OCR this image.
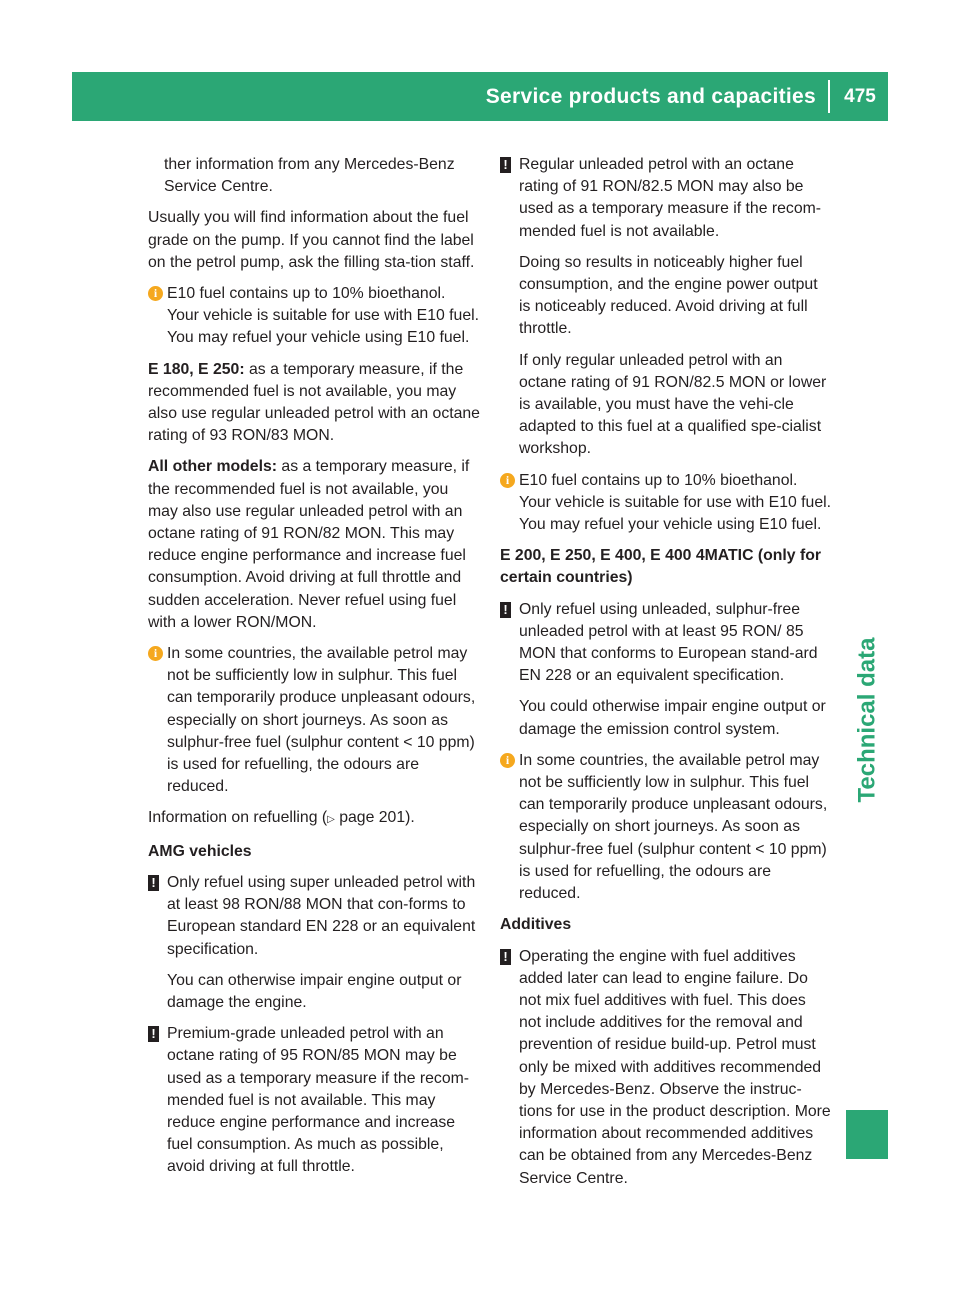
Service products and capacities	475
Technical data

ther information from any Mercedes-Benz Service Centre.

Usually you will find information about the fuel grade on the pump. If you cannot find the label on the petrol pump, ask the filling sta-tion staff.

i E10 fuel contains up to 10% bioethanol. Your vehicle is suitable for use with E10 fuel. You may refuel your vehicle using E10 fuel.

E 180, E 250: as a temporary measure, if the recommended fuel is not available, you may also use regular unleaded petrol with an octane rating of 93 RON/83 MON.

All other models: as a temporary measure, if the recommended fuel is not available, you may also use regular unleaded petrol with an octane rating of 91 RON/82 MON. This may reduce engine performance and increase fuel consumption. Avoid driving at full throttle and sudden acceleration. Never refuel using fuel with a lower RON/MON.

i In some countries, the available petrol may not be sufficiently low in sulphur. This fuel can temporarily produce unpleasant odours, especially on short journeys. As soon as sulphur-free fuel (sulphur content < 10 ppm) is used for refuelling, the odours are reduced.

Information on refuelling (▷ page 201).

AMG vehicles

! Only refuel using super unleaded petrol with at least 98 RON/88 MON that con-forms to European standard EN 228 or an equivalent specification.

You can otherwise impair engine output or damage the engine.

! Premium-grade unleaded petrol with an octane rating of 95 RON/85 MON may be used as a temporary measure if the recom-mended fuel is not available. This may reduce engine performance and increase fuel consumption. As much as possible, avoid driving at full throttle.

! Regular unleaded petrol with an octane rating of 91 RON/82.5 MON may also be used as a temporary measure if the recom-mended fuel is not available.

Doing so results in noticeably higher fuel consumption, and the engine power output is noticeably reduced. Avoid driving at full throttle.

If only regular unleaded petrol with an octane rating of 91 RON/82.5 MON or lower is available, you must have the vehi-cle adapted to this fuel at a qualified spe-cialist workshop.

i E10 fuel contains up to 10% bioethanol. Your vehicle is suitable for use with E10 fuel. You may refuel your vehicle using E10 fuel.

E 200, E 250, E 400, E 400 4MATIC (only for certain countries)

! Only refuel using unleaded, sulphur-free unleaded petrol with at least 95 RON/ 85 MON that conforms to European stand-ard EN 228 or an equivalent specification.

You could otherwise impair engine output or damage the emission control system.

i In some countries, the available petrol may not be sufficiently low in sulphur. This fuel can temporarily produce unpleasant odours, especially on short journeys. As soon as sulphur-free fuel (sulphur content < 10 ppm) is used for refuelling, the odours are reduced.

Additives

! Operating the engine with fuel additives added later can lead to engine failure. Do not mix fuel additives with fuel. This does not include additives for the removal and prevention of residue build-up. Petrol must only be mixed with additives recommended by Mercedes-Benz. Observe the instruc-tions for use in the product description. More information about recommended additives can be obtained from any Mercedes-Benz Service Centre.
